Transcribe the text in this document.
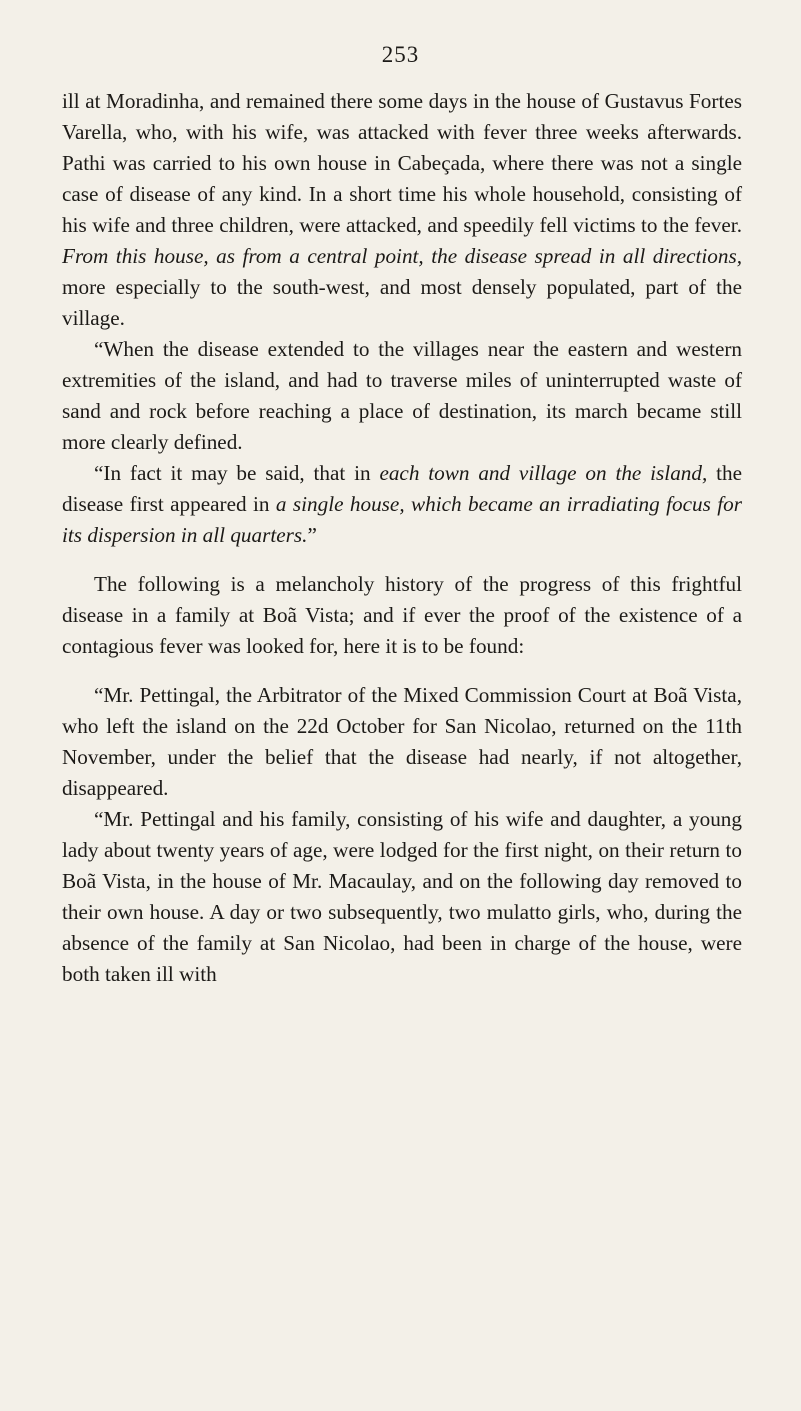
253

ill at Moradinha, and remained there some days in the house of Gustavus Fortes Varella, who, with his wife, was attacked with fever three weeks afterwards. Pathi was carried to his own house in Cabeçada, where there was not a single case of disease of any kind. In a short time his whole household, consisting of his wife and three children, were attacked, and speedily fell victims to the fever. From this house, as from a central point, the disease spread in all directions, more especially to the south-west, and most densely populated, part of the village.

“When the disease extended to the villages near the eastern and western extremities of the island, and had to traverse miles of uninterrupted waste of sand and rock before reaching a place of destination, its march became still more clearly defined.

“In fact it may be said, that in each town and village on the island, the disease first appeared in a single house, which became an irradiating focus for its dispersion in all quarters.”

The following is a melancholy history of the progress of this frightful disease in a family at Boã Vista; and if ever the proof of the existence of a contagious fever was looked for, here it is to be found:

“Mr. Pettingal, the Arbitrator of the Mixed Commission Court at Boã Vista, who left the island on the 22d October for San Nicolao, returned on the 11th November, under the belief that the disease had nearly, if not altogether, disappeared.

“Mr. Pettingal and his family, consisting of his wife and daughter, a young lady about twenty years of age, were lodged for the first night, on their return to Boã Vista, in the house of Mr. Macaulay, and on the following day removed to their own house. A day or two subsequently, two mulatto girls, who, during the absence of the family at San Nicolao, had been in charge of the house, were both taken ill with
